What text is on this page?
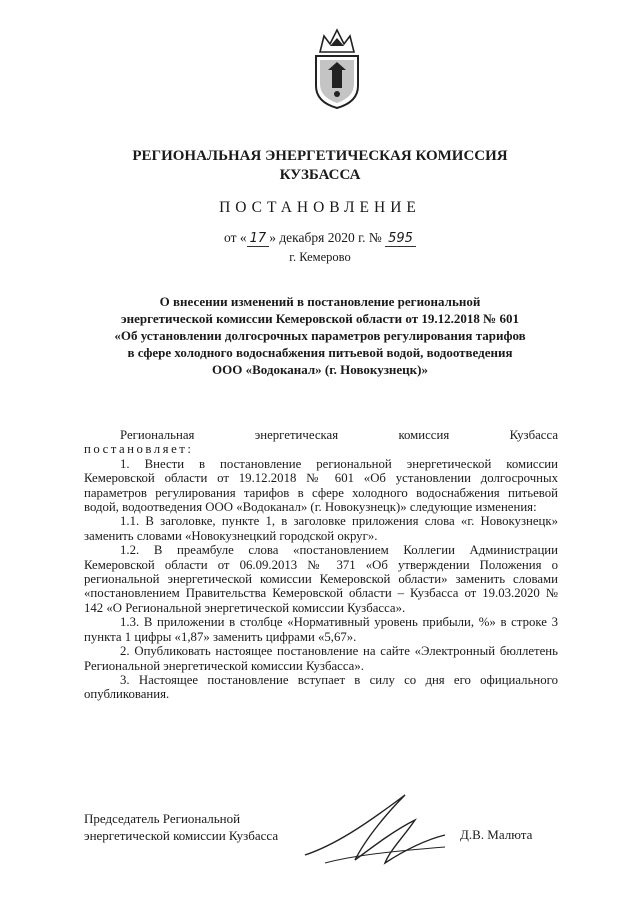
РЕГИОНАЛЬНАЯ ЭНЕРГЕТИЧЕСКАЯ КОМИССИЯ
КУЗБАССА
ПОСТАНОВЛЕНИЕ
от « 17 » декабря 2020 г. № 595
г. Кемерово
О внесении изменений в постановление региональной
энергетической комиссии Кемеровской области от 19.12.2018 № 601
«Об установлении долгосрочных параметров регулирования тарифов
в сфере холодного водоснабжения питьевой водой, водоотведения
ООО «Водоканал» (г. Новокузнецк)»

Региональная энергетическая комиссия Кузбасса

постановляет:

1. Внести в постановление региональной энергетической комиссии Кемеровской области от 19.12.2018 № 601 «Об установлении долгосрочных параметров регулирования тарифов в сфере холодного водоснабжения питьевой водой, водоотведения ООО «Водоканал» (г. Новокузнецк)» следующие изменения:

1.1. В заголовке, пункте 1, в заголовке приложения слова «г. Новокузнецк» заменить словами «Новокузнецкий городской округ».

1.2. В преамбуле слова «постановлением Коллегии Администрации Кемеровской области от 06.09.2013 № 371 «Об утверждении Положения о региональной энергетической комиссии Кемеровской области» заменить словами «постановлением Правительства Кемеровской области – Кузбасса от 19.03.2020 № 142 «О Региональной энергетической комиссии Кузбасса».

1.3. В приложении в столбце «Нормативный уровень прибыли, %» в строке 3 пункта 1 цифры «1,87» заменить цифрами «5,67».

2. Опубликовать настоящее постановление на сайте «Электронный бюллетень Региональной энергетической комиссии Кузбасса».

3. Настоящее постановление вступает в силу со дня его официального опубликования.

Председатель Региональной
энергетической комиссии Кузбасса	Д.В. Малюта
